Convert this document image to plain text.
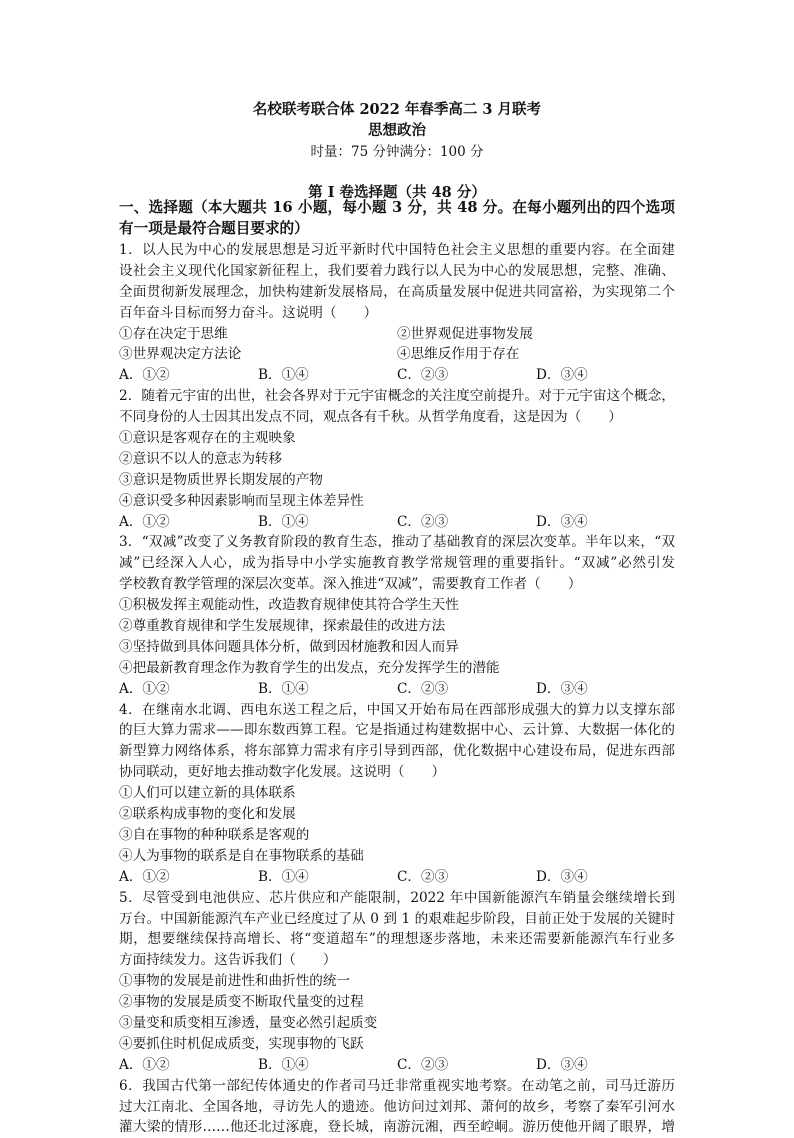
名校联考联合体 2022 年春季高二 3 月联考
思想政治
时量：75 分钟满分：100 分
第 I 卷选择题（共 48 分）
一、选择题（本大题共 16 小题，每小题 3 分，共 48 分。在每小题列出的四个选项
有一项是最符合题目要求的）
1．以人民为中心的发展思想是习近平新时代中国特色社会主义思想的重要内容。在全面建
设社会主义现代化国家新征程上，我们要着力践行以人民为中心的发展思想，完整、准确、
全面贯彻新发展理念，加快构建新发展格局，在高质量发展中促进共同富裕，为实现第二个
百年奋斗目标而努力奋斗。这说明（　　）
①存在决定于思维	②世界观促进事物发展
③世界观决定方法论	④思维反作用于存在
A．①②	B．①④	C．②③	D．③④
2．随着元宇宙的出世，社会各界对于元宇宙概念的关注度空前提升。对于元宇宙这个概念，
不同身份的人士因其出发点不同，观点各有千秋。从哲学角度看，这是因为（　　）
①意识是客观存在的主观映象
②意识不以人的意志为转移
③意识是物质世界长期发展的产物
④意识受多种因素影响而呈现主体差异性
A．①②	B．①④	C．②③	D．③④
3．“双减”改变了义务教育阶段的教育生态，推动了基础教育的深层次变革。半年以来，“双
减”已经深入人心，成为指导中小学实施教育教学常规管理的重要指针。“双减”必然引发
学校教育教学管理的深层次变革。深入推进“双减”，需要教育工作者（　　）
①积极发挥主观能动性，改造教育规律使其符合学生天性
②尊重教育规律和学生发展规律，探索最佳的改进方法
③坚持做到具体问题具体分析，做到因材施教和因人而异
④把最新教育理念作为教育学生的出发点，充分发挥学生的潜能
A．①②	B．①④	C．②③	D．③④
4．在继南水北调、西电东送工程之后，中国又开始布局在西部形成强大的算力以支撑东部
的巨大算力需求——即东数西算工程。它是指通过构建数据中心、云计算、大数据一体化的
新型算力网络体系，将东部算力需求有序引导到西部，优化数据中心建设布局，促进东西部
协同联动，更好地去推动数字化发展。这说明（　　）
①人们可以建立新的具体联系
②联系构成事物的变化和发展
③自在事物的种种联系是客观的
④人为事物的联系是自在事物联系的基础
A．①②	B．①④	C．②③	D．③④
5．尽管受到电池供应、芯片供应和产能限制，2022 年中国新能源汽车销量会继续增长到
万台。中国新能源汽车产业已经度过了从 0 到 1 的艰难起步阶段，目前正处于发展的关键时
期，想要继续保持高增长、将“变道超车”的理想逐步落地，未来还需要新能源汽车行业多
方面持续发力。这告诉我们（　　）
①事物的发展是前进性和曲折性的统一
②事物的发展是质变不断取代量变的过程
③量变和质变相互渗透，量变必然引起质变
④要抓住时机促成质变，实现事物的飞跃
A．①②	B．①④	C．②③	D．③④
6．我国古代第一部纪传体通史的作者司马迁非常重视实地考察。在动笔之前，司马迁游历
过大江南北、全国各地，寻访先人的遗迹。他访问过刘邦、萧何的故乡，考察了秦军引河水
灌大梁的情形……他还北过涿鹿，登长城，南游沅湘，西至崆峒。游历使他开阔了眼界，增
